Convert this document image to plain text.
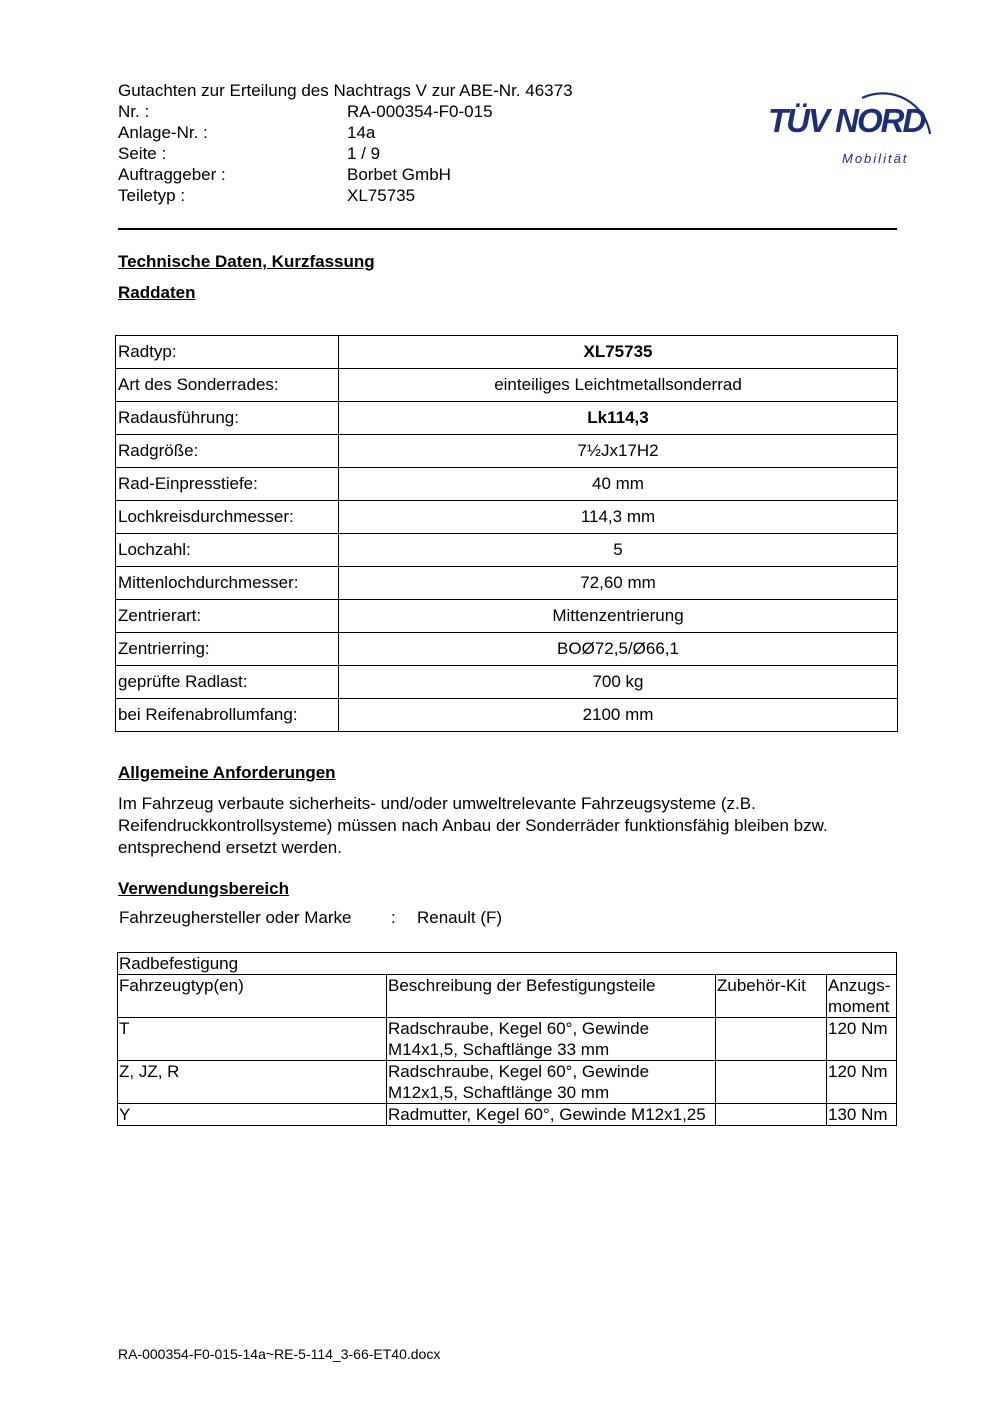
Gutachten zur Erteilung des Nachtrags V zur ABE-Nr. 46373
Nr. :	RA-000354-F0-015
Anlage-Nr. :	14a
Seite :	1 / 9
Auftraggeber :	Borbet GmbH
Teiletyp :	XL75735
TÜV NORD
Mobilität
Technische Daten, Kurzfassung
Raddaten
Radtyp:	XL75735
Art des Sonderrades:	einteiliges Leichtmetallsonderrad
Radausführung:	Lk114,3
Radgröße:	7½Jx17H2
Rad-Einpresstiefe:	40 mm
Lochkreisdurchmesser:	114,3 mm
Lochzahl:	5
Mittenlochdurchmesser:	72,60 mm
Zentrierart:	Mittenzentrierung
Zentrierring:	BOØ72,5/Ø66,1
geprüfte Radlast:	700 kg
bei Reifenabrollumfang:	2100 mm
Allgemeine Anforderungen
Im Fahrzeug verbaute sicherheits- und/oder umweltrelevante Fahrzeugsysteme (z.B. Reifendruckkontrollsysteme) müssen nach Anbau der Sonderräder funktionsfähig bleiben bzw. entsprechend ersetzt werden.
Verwendungsbereich
Fahrzeughersteller oder Marke	:	Renault (F)
Radbefestigung			
Fahrzeugtyp(en)	Beschreibung der Befestigungsteile	Zubehör-Kit	Anzugs-moment
T	Radschraube, Kegel 60°, Gewinde M14x1,5, Schaftlänge 33 mm		120 Nm
Z, JZ, R	Radschraube, Kegel 60°, Gewinde M12x1,5, Schaftlänge 30 mm		120 Nm
Y	Radmutter, Kegel 60°, Gewinde M12x1,25		130 Nm
RA-000354-F0-015-14a~RE-5-114_3-66-ET40.docx
